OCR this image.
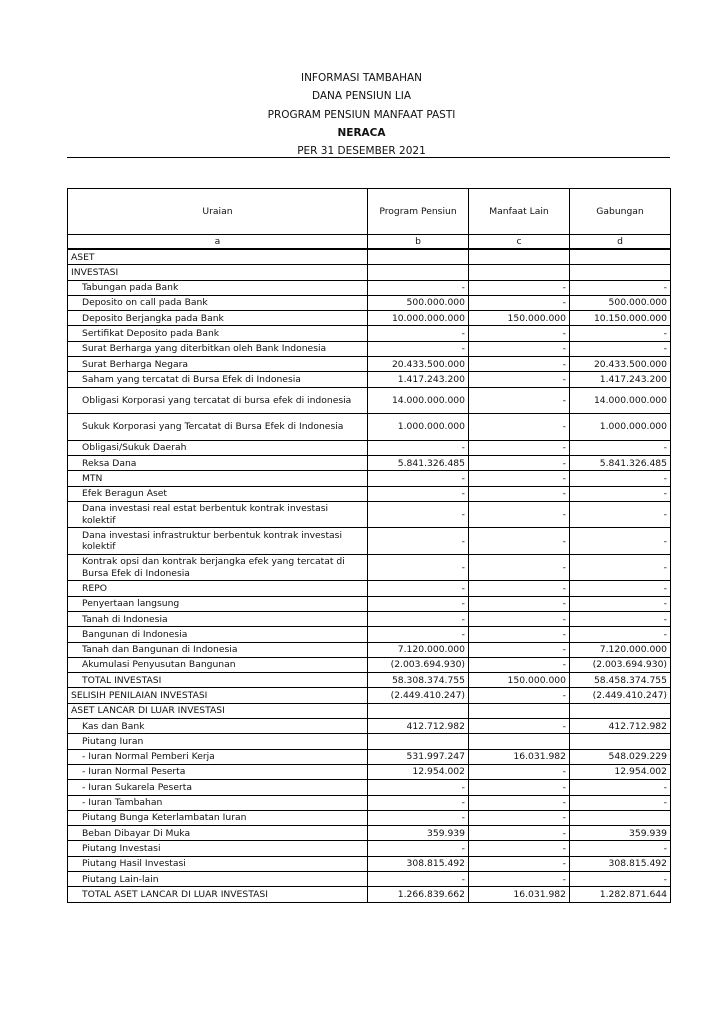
INFORMASI TAMBAHAN
DANA PENSIUN LIA
PROGRAM PENSIUN MANFAAT PASTI
NERACA
PER 31 DESEMBER 2021
Uraian	Program Pensiun	Manfaat Lain	Gabungan
a	b	c	d
ASET			
INVESTASI			
Tabungan pada Bank	-	-	-
Deposito on call pada Bank	500.000.000	-	500.000.000
Deposito Berjangka pada Bank	10.000.000.000	150.000.000	10.150.000.000
Sertifikat Deposito pada Bank	-	-	-
Surat Berharga yang diterbitkan oleh Bank Indonesia	-	-	-
Surat Berharga Negara	20.433.500.000	-	20.433.500.000
Saham yang tercatat di Bursa Efek di Indonesia	1.417.243.200	-	1.417.243.200
Obligasi Korporasi yang tercatat di bursa efek di indonesia	14.000.000.000	-	14.000.000.000
Sukuk Korporasi yang Tercatat di Bursa Efek di Indonesia	1.000.000.000	-	1.000.000.000
Obligasi/Sukuk Daerah	-	-	-
Reksa Dana	5.841.326.485	-	5.841.326.485
MTN	-	-	-
Efek Beragun Aset	-	-	-
Dana investasi real estat berbentuk kontrak investasi kolektif	-	-	-
Dana investasi infrastruktur berbentuk kontrak investasi kolektif	-	-	-
Kontrak opsi dan kontrak berjangka efek yang tercatat di Bursa Efek di Indonesia	-	-	-
REPO	-	-	-
Penyertaan langsung	-	-	-
Tanah di Indonesia	-	-	-
Bangunan di Indonesia	-	-	-
Tanah dan Bangunan di Indonesia	7.120.000.000	-	7.120.000.000
Akumulasi Penyusutan Bangunan	(2.003.694.930)	-	(2.003.694.930)
TOTAL INVESTASI	58.308.374.755	150.000.000	58.458.374.755
SELISIH PENILAIAN INVESTASI	(2.449.410.247)	-	(2.449.410.247)
ASET LANCAR DI LUAR INVESTASI			
Kas dan Bank	412.712.982	-	412.712.982
Piutang Iuran			
- Iuran Normal Pemberi Kerja	531.997.247	16.031.982	548.029.229
- Iuran Normal Peserta	12.954.002	-	12.954.002
- Iuran Sukarela Peserta	-	-	-
- Iuran Tambahan	-	-	-
Piutang Bunga Keterlambatan Iuran	-	-	
Beban Dibayar Di Muka	359.939	-	359.939
Piutang Investasi	-	-	-
Piutang Hasil Investasi	308.815.492	-	308.815.492
Piutang Lain-lain	-	-	-
TOTAL ASET LANCAR DI LUAR INVESTASI	1.266.839.662	16.031.982	1.282.871.644
